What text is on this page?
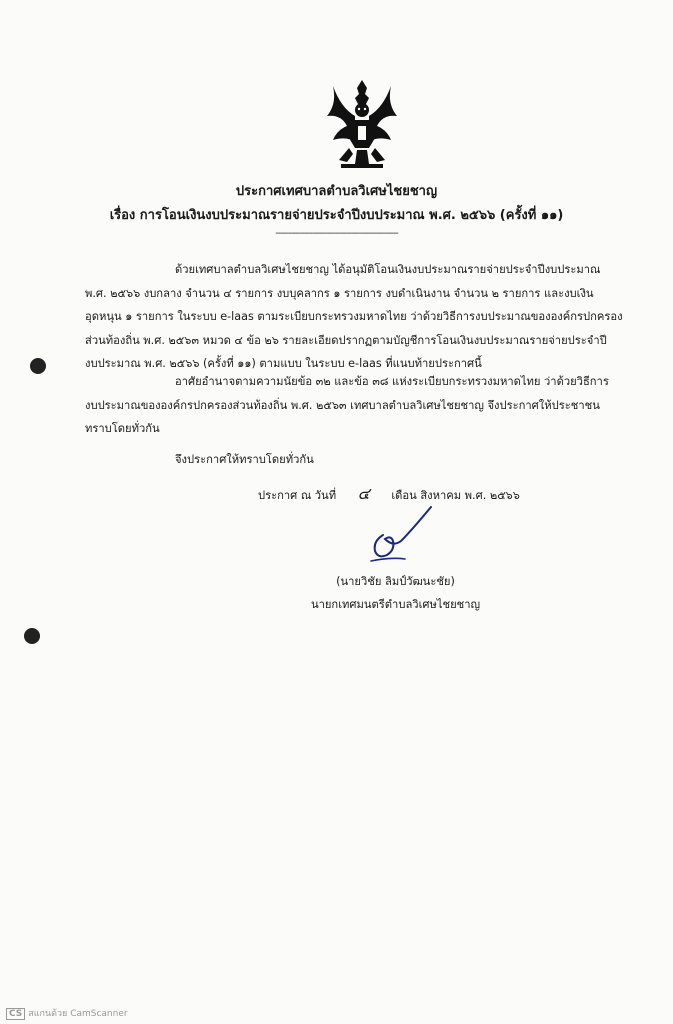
ประกาศเทศบาลตำบลวิเศษไชยชาญ
เรื่อง การโอนเงินงบประมาณรายจ่ายประจำปีงบประมาณ พ.ศ. ๒๕๖๖ (ครั้งที่ ๑๑)
-----------------------------------------------
ด้วยเทศบาลตำบลวิเศษไชยชาญ ได้อนุมัติโอนเงินงบประมาณรายจ่ายประจำปีงบประมาณ
พ.ศ. ๒๕๖๖ งบกลาง จำนวน ๔ รายการ งบบุคลากร ๑ รายการ งบดำเนินงาน จำนวน ๒ รายการ และงบเงิน
อุดหนุน ๑ รายการ ในระบบ e-laas ตามระเบียบกระทรวงมหาดไทย ว่าด้วยวิธีการงบประมาณขององค์กรปกครอง
ส่วนท้องถิ่น พ.ศ. ๒๕๖๓ หมวด ๔ ข้อ ๒๖ รายละเอียดปรากฏตามบัญชีการโอนเงินงบประมาณรายจ่ายประจำปี
งบประมาณ พ.ศ. ๒๕๖๖ (ครั้งที่ ๑๑) ตามแบบ ในระบบ e-laas ที่แนบท้ายประกาศนี้
อาศัยอำนาจตามความนัยข้อ ๓๒ และข้อ ๓๘ แห่งระเบียบกระทรวงมหาดไทย ว่าด้วยวิธีการ
งบประมาณขององค์กรปกครองส่วนท้องถิ่น พ.ศ. ๒๕๖๓ เทศบาลตำบลวิเศษไชยชาญ จึงประกาศให้ประชาชน
ทราบโดยทั่วกัน
จึงประกาศให้ทราบโดยทั่วกัน
ประกาศ ณ วันที่ ๔ เดือน สิงหาคม พ.ศ. ๒๕๖๖
(นายวิชัย ลิมป์วัฒนะชัย)
นายกเทศมนตรีตำบลวิเศษไชยชาญ
CS สแกนด้วย CamScanner
